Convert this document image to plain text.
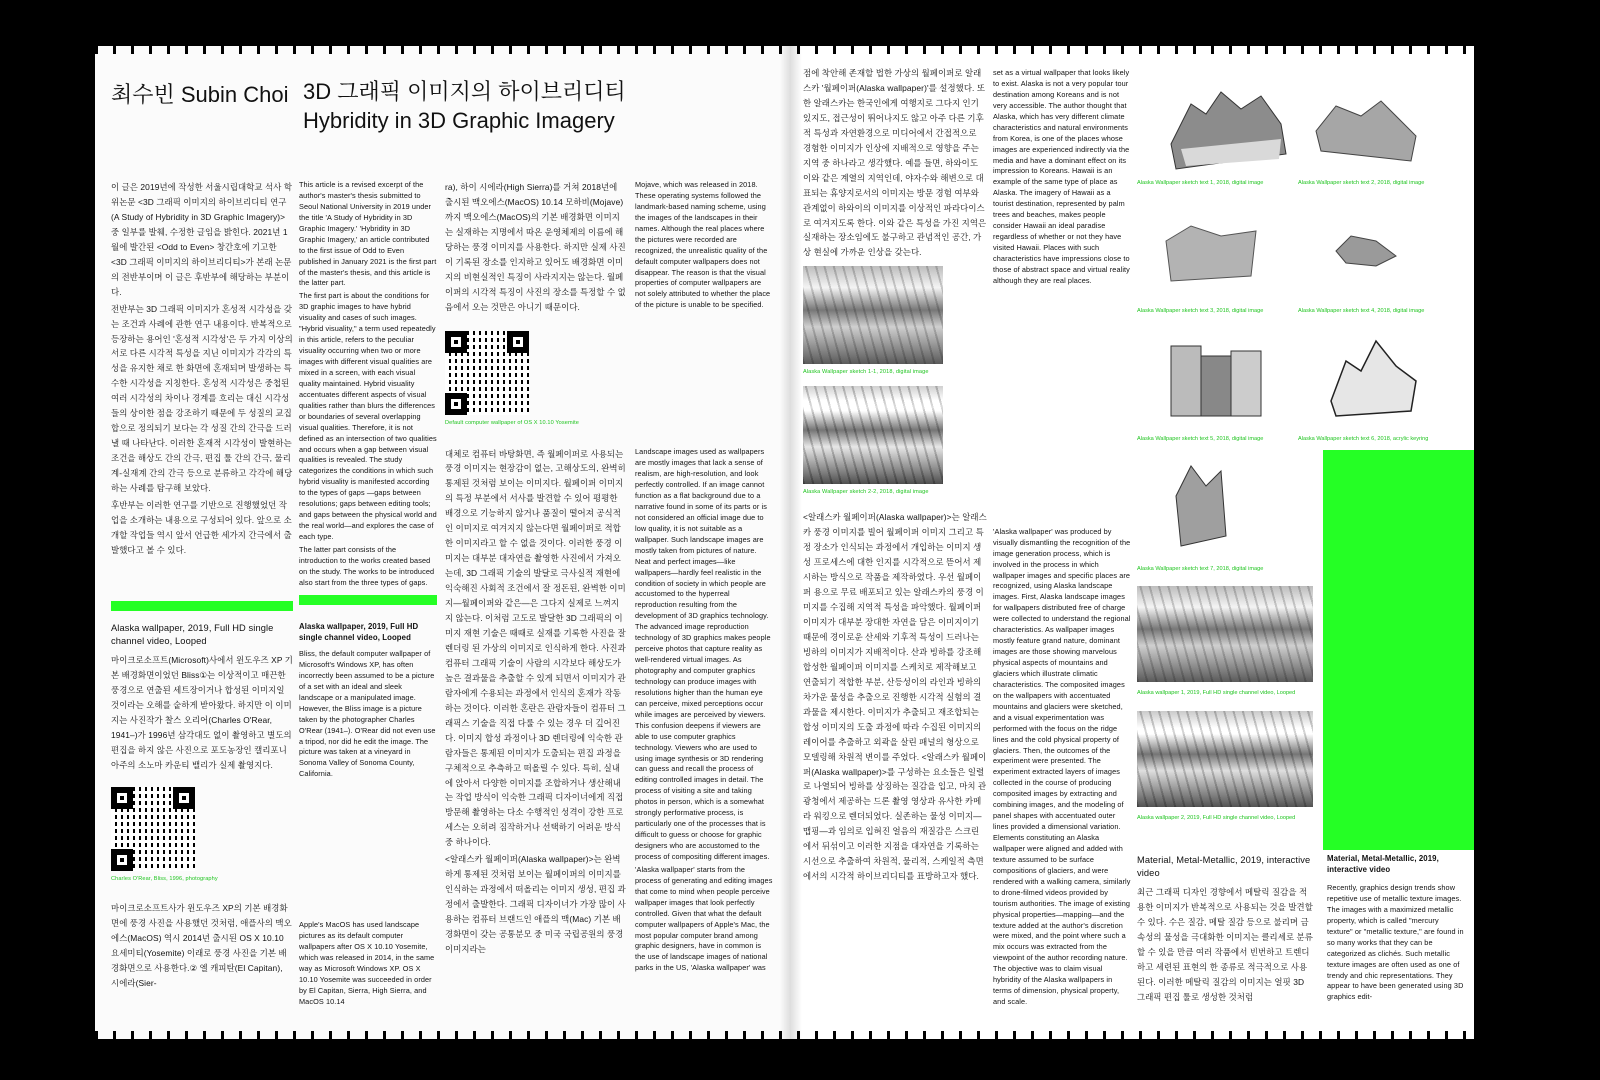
최수빈 Subin Choi 3D 그래픽 이미지의 하이브리디티
Hybridity in 3D Graphic Imagery

이 글은 2019년에 작성한 서울시립대학교 석사 학위논문 <3D 그래픽 이미지의 하이브리디티 연구(A Study of Hybridity in 3D Graphic Imagery)> 중 일부를 발췌, 수정한 글임을 밝힌다. 2021년 1월에 발간된 <Odd to Even> 창간호에 기고한 <3D 그래픽 이미지의 하이브리디티>가 본래 논문의 전반부이며 이 글은 후반부에 해당하는 부분이다.

전반부는 3D 그래픽 이미지가 혼성적 시각성을 갖는 조건과 사례에 관한 연구 내용이다. 반복적으로 등장하는 용어인 '혼성적 시각성'은 두 가지 이상의 서로 다른 시각적 특성을 지닌 이미지가 각각의 특성을 유지한 채로 한 화면에 혼재되며 발생하는 특수한 시각성을 지칭한다. 혼성적 시각성은 중첩된 여러 시각성의 차이나 경계를 흐리는 대신 시각성들의 상이한 점을 강조하기 때문에 두 성질의 교집합으로 정의되기 보다는 각 성질 간의 간극을 드러낼 때 나타난다. 이러한 혼재적 시각성이 발현하는 조건을 해상도 간의 간극, 편집 툴 간의 간극, 물리계-실재계 간의 간극 등으로 분류하고 각각에 해당하는 사례를 탐구해 보았다.

후반부는 이러한 연구를 기반으로 진행했었던 작업을 소개하는 내용으로 구성되어 있다. 앞으로 소개할 작업들 역시 앞서 언급한 세가지 간극에서 출발했다고 볼 수 있다.

Alaska wallpaper, 2019, Full HD single channel video, Looped

마이크로소프트(Microsoft)사에서 윈도우즈 XP 기본 배경화면이었던 Bliss①는 이상적이고 매끈한 풍경으로 연출된 세트장이거나 합성된 이미지일 것이라는 오해를 숱하게 받아왔다. 하지만 이 이미지는 사진작가 찰스 오리어(Charles O'Rear, 1941–)가 1996년 삼각대도 없이 촬영하고 별도의 편집을 하지 않은 사진으로 포도농장인 캘리포니아주의 소노마 카운티 밸리가 실제 촬영지다.

Charles O'Rear, Bliss, 1996, photography

마이크로소프트사가 윈도우즈 XP의 기본 배경화면에 풍경 사진을 사용했던 것처럼, 애플사의 맥오에스(MacOS) 역시 2014년 출시된 OS X 10.10 요세미티(Yosemite) 이래로 풍경 사진을 기본 배경화면으로 사용한다.② 엘 캐피탄(El Capitan), 시에라(Sier-

This article is a revised excerpt of the author's master's thesis submitted to Seoul National University in 2019 under the title 'A Study of Hybridity in 3D Graphic Imagery.' 'Hybridity in 3D Graphic Imagery,' an article contributed to the first issue of Odd to Even published in January 2021 is the first part of the master's thesis, and this article is the latter part.

The first part is about the conditions for 3D graphic images to have hybrid visuality and cases of such images. "Hybrid visuality," a term used repeatedly in this article, refers to the peculiar visuality occurring when two or more images with different visual qualities are mixed in a screen, with each visual quality maintained. Hybrid visuality accentuates different aspects of visual qualities rather than blurs the differences or boundaries of several overlapping visual qualities. Therefore, it is not defined as an intersection of two qualities and occurs when a gap between visual qualities is revealed. The study categorizes the conditions in which such hybrid visuality is manifested according to the types of gaps —gaps between resolutions; gaps between editing tools; and gaps between the physical world and the real world—and explores the case of each type.

The latter part consists of the introduction to the works created based on the study. The works to be introduced also start from the three types of gaps.

Alaska wallpaper, 2019, Full HD single channel video, Looped

Bliss, the default computer wallpaper of Microsoft's Windows XP, has often incorrectly been assumed to be a picture of a set with an ideal and sleek landscape or a manipulated image. However, the Bliss image is a picture taken by the photographer Charles O'Rear (1941–). O'Rear did not even use a tripod, nor did he edit the image. The picture was taken at a vineyard in Sonoma Valley of Sonoma County, California.

Apple's MacOS has used landscape pictures as its default computer wallpapers after OS X 10.10 Yosemite, which was released in 2014, in the same way as Microsoft Windows XP. OS X 10.10 Yosemite was succeeded in order by El Capitan, Sierra, High Sierra, and MacOS 10.14

ra), 하이 시에라(High Sierra)를 거쳐 2018년에 출시된 맥오에스(MacOS) 10.14 모하비(Mojave)까지 맥오에스(MacOS)의 기본 배경화면 이미지는 실재하는 지명에서 따온 운영체제의 이름에 해당하는 풍경 이미지를 사용한다. 하지만 실제 사진이 기록된 장소를 인지하고 있어도 배경화면 이미지의 비현실적인 특징이 사라지지는 않는다. 월페이퍼의 시각적 특징이 사진의 장소를 특정할 수 없음에서 오는 것만은 아니기 때문이다.

Default computer wallpaper of OS X 10.10 Yosemite

대체로 컴퓨터 바탕화면, 즉 월페이퍼로 사용되는 풍경 이미지는 현장감이 없는, 고해상도의, 완벽히 통제된 것처럼 보이는 이미지다. 월페이퍼 이미지의 특정 부분에서 서사를 발견할 수 있어 평평한 배경으로 기능하지 않거나 품질이 떨어져 공식적인 이미지로 여겨지지 않는다면 월페이퍼로 적합한 이미지라고 할 수 없을 것이다. 이러한 풍경 이미지는 대부분 대자연을 촬영한 사진에서 가져오는데, 3D 그래픽 기술의 발달로 극사실적 재현에 익숙해진 사회적 조건에서 잘 정돈된, 완벽한 이미지—월페이퍼와 같은—은 그다지 실제로 느껴지지 않는다. 이처럼 고도로 발달한 3D 그래픽의 이미지 재현 기술은 때때로 실재를 기록한 사진을 잘 렌더링 된 가상의 이미지로 인식하게 한다. 사진과 컴퓨터 그래픽 기술이 사람의 시각보다 해상도가 높은 결과물을 추출할 수 있게 되면서 이미지가 관람자에게 수용되는 과정에서 인식의 혼재가 작동하는 것이다. 이러한 혼란은 관람자들이 컴퓨터 그래픽스 기술을 직접 다룰 수 있는 경우 더 깊어진다. 이미지 합성 과정이나 3D 렌더링에 익숙한 관람자들은 통제된 이미지가 도출되는 편집 과정을 구체적으로 추측하고 떠올릴 수 있다. 특히, 실내에 앉아서 다양한 이미지를 조합하거나 생산해내는 작업 방식이 익숙한 그래픽 디자이너에게 직접 방문해 촬영하는 다소 수행적인 성격이 강한 프로세스는 오히려 짐작하거나 선택하기 어려운 방식 중 하나이다.

<알래스카 월페이퍼(Alaska wallpaper)>는 완벽하게 통제된 것처럼 보이는 월페이퍼의 이미지를 인식하는 과정에서 떠올리는 이미지 생성, 편집 과정에서 출발한다. 그래픽 디자이너가 가장 많이 사용하는 컴퓨터 브랜드인 애플의 맥(Mac) 기본 배경화면이 갖는 공통분모 중 미국 국립공원의 풍경 이미지라는

Mojave, which was released in 2018. These operating systems followed the landmark-based naming scheme, using the images of the landscapes in their names. Although the real places where the pictures were recorded are recognized, the unrealistic quality of the default computer wallpapers does not disappear. The reason is that the visual properties of computer wallpapers are not solely attributed to whether the place of the picture is unable to be specified.

Landscape images used as wallpapers are mostly images that lack a sense of realism, are high-resolution, and look perfectly controlled. If an image cannot function as a flat background due to a narrative found in some of its parts or is not considered an official image due to low quality, it is not suitable as a wallpaper. Such landscape images are mostly taken from pictures of nature. Neat and perfect images—like wallpapers—hardly feel realistic in the condition of society in which people are accustomed to the hyperreal reproduction resulting from the development of 3D graphics technology. The advanced image reproduction technology of 3D graphics makes people perceive photos that capture reality as well-rendered virtual images. As photography and computer graphics technology can produce images with resolutions higher than the human eye can perceive, mixed perceptions occur while images are perceived by viewers. This confusion deepens if viewers are able to use computer graphics technology. Viewers who are used to using image synthesis or 3D rendering can guess and recall the process of editing controlled images in detail. The process of visiting a site and taking photos in person, which is a somewhat strongly performative process, is particularly one of the processes that is difficult to guess or choose for graphic designers who are accustomed to the process of compositing different images.

'Alaska wallpaper' starts from the process of generating and editing images that come to mind when people perceive wallpaper images that look perfectly controlled. Given that what the default computer wallpapers of Apple's Mac, the most popular computer brand among graphic designers, have in common is the use of landscape images of national parks in the US, 'Alaska wallpaper' was

점에 착안해 존재할 법한 가상의 월페이퍼로 알래스카 '월페이퍼(Alaska wallpaper)'를 설정했다. 또한 알래스카는 한국인에게 여행지로 그다지 인기 있지도, 접근성이 뛰어나지도 않고 아주 다른 기후적 특성과 자연환경으로 미디어에서 간접적으로 경험한 이미지가 인상에 지배적으로 영향을 주는 지역 중 하나라고 생각했다. 예를 들면, 하와이도 이와 같은 계열의 지역인데, 야자수와 해변으로 대표되는 휴양지로서의 이미지는 방문 경험 여부와 관계없이 하와이의 이미지를 이상적인 파라다이스로 여겨지도록 한다. 이와 같은 특성을 가진 지역은 실재하는 장소임에도 불구하고 관념적인 공간, 가상 현실에 가까운 인상을 갖는다.

Alaska Wallpaper sketch 1-1, 2018, digital image
Alaska Wallpaper sketch 2-2, 2018, digital image

<알래스카 월페이퍼(Alaska wallpaper)>는 알래스카 풍경 이미지를 빌어 월페이퍼 이미지 그리고 특정 장소가 인식되는 과정에서 개입하는 이미지 생성 프로세스에 대한 인지를 시각적으로 뜯어서 제시하는 방식으로 작품을 제작하였다. 우선 월페이퍼 용으로 무료 배포되고 있는 알래스카의 풍경 이미지를 수집해 지역적 특성을 파악했다. 월페이퍼 이미지가 대부분 장대한 자연을 담은 이미지이기 때문에 경이로운 산세와 기후적 특성이 드러나는 빙하의 이미지가 지배적이다. 산과 빙하를 강조해 합성한 월페이퍼 이미지를 스케치로 제작해보고 연출되기 적합한 부분, 산등성이의 라인과 빙하의 차가운 물성을 추출으로 진행한 시각적 실험의 결과물을 제시한다. 이미지가 추출되고 재조합되는 합성 이미지의 도출 과정에 따라 수집된 이미지의 레이어를 추출하고 외곽을 살린 패널의 형상으로 모델링해 차원적 변이를 주었다. <알래스카 월페이퍼(Alaska wallpaper)>를 구성하는 요소들은 일렬로 나열되어 빙하를 상징하는 질감을 입고, 마치 관광청에서 제공하는 드론 촬영 영상과 유사한 카메라 워킹으로 렌더되었다. 실존하는 물성 이미지—맵핑—과 임의로 입혀진 얼음의 재질감은 스크린에서 뒤섞이고 이러한 지점을 대자연을 기록하는 시선으로 추출하여 차원적, 물리적, 스케일적 측면에서의 시각적 하이브리디티를 표방하고자 했다.

set as a virtual wallpaper that looks likely to exist. Alaska is not a very popular tour destination among Koreans and is not very accessible. The author thought that Alaska, which has very different climate characteristics and natural environments from Korea, is one of the places whose images are experienced indirectly via the media and have a dominant effect on its impression to Koreans. Hawaii is an example of the same type of place as Alaska. The imagery of Hawaii as a tourist destination, represented by palm trees and beaches, makes people consider Hawaii an ideal paradise regardless of whether or not they have visited Hawaii. Places with such characteristics have impressions close to those of abstract space and virtual reality although they are real places.

'Alaska wallpaper' was produced by visually dismantling the recognition of the image generation process, which is involved in the process in which wallpaper images and specific places are recognized, using Alaska landscape images. First, Alaska landscape images for wallpapers distributed free of charge were collected to understand the regional characteristics. As wallpaper images mostly feature grand nature, dominant images are those showing marvelous physical aspects of mountains and glaciers which illustrate climatic characteristics. The composited images on the wallpapers with accentuated mountains and glaciers were sketched, and a visual experimentation was performed with the focus on the ridge lines and the cold physical property of glaciers. Then, the outcomes of the experiment were presented. The experiment extracted layers of images collected in the course of producing composited images by extracting and combining images, and the modeling of panel shapes with accentuated outer lines provided a dimensional variation. Elements constituting an Alaska wallpaper were aligned and added with texture assumed to be surface compositions of glaciers, and were rendered with a walking camera, similarly to drone-filmed videos provided by tourism authorities. The image of existing physical properties—mapping—and the texture added at the author's discretion were mixed, and the point where such a mix occurs was extracted from the viewpoint of the author recording nature. The objective was to claim visual hybridity of the Alaska wallpapers in terms of dimension, physical property, and scale.

Alaska Wallpaper sketch text 1, 2018, digital image	Alaska Wallpaper sketch text 2, 2018, digital image
Alaska Wallpaper sketch text 3, 2018, digital image	Alaska Wallpaper sketch text 4, 2018, digital image
Alaska Wallpaper sketch text 5, 2018, digital image	Alaska Wallpaper sketch text 6, 2018, acrylic keyring
Alaska Wallpaper sketch text 7, 2018, digital image
Alaska wallpaper 1, 2019, Full HD single channel video, Looped
Alaska wallpaper 2, 2019, Full HD single channel video, Looped
Material, Metal-Metallic, 2019, interactive video

최근 그래픽 디자인 경향에서 메탈릭 질감을 적용한 이미지가 반복적으로 사용되는 것을 발견할 수 있다. 수은 질감, 메탈 질감 등으로 불리며 금속성의 물성을 극대화한 이미지는 클리셰로 분류할 수 있을 만큼 여러 작품에서 빈번하고 트렌디하고 세련된 표현의 한 종류로 적극적으로 사용된다. 이러한 메탈릭 질감의 이미지는 얼핏 3D 그래픽 편집 툴로 생성한 것처럼

Material, Metal-Metallic, 2019, interactive video

Recently, graphics design trends show repetitive use of metallic texture images. The images with a maximized metallic property, which is called "mercury texture" or "metallic texture," are found in so many works that they can be categorized as clichés. Such metallic texture images are often used as one of trendy and chic representations. They appear to have been generated using 3D graphics edit-
